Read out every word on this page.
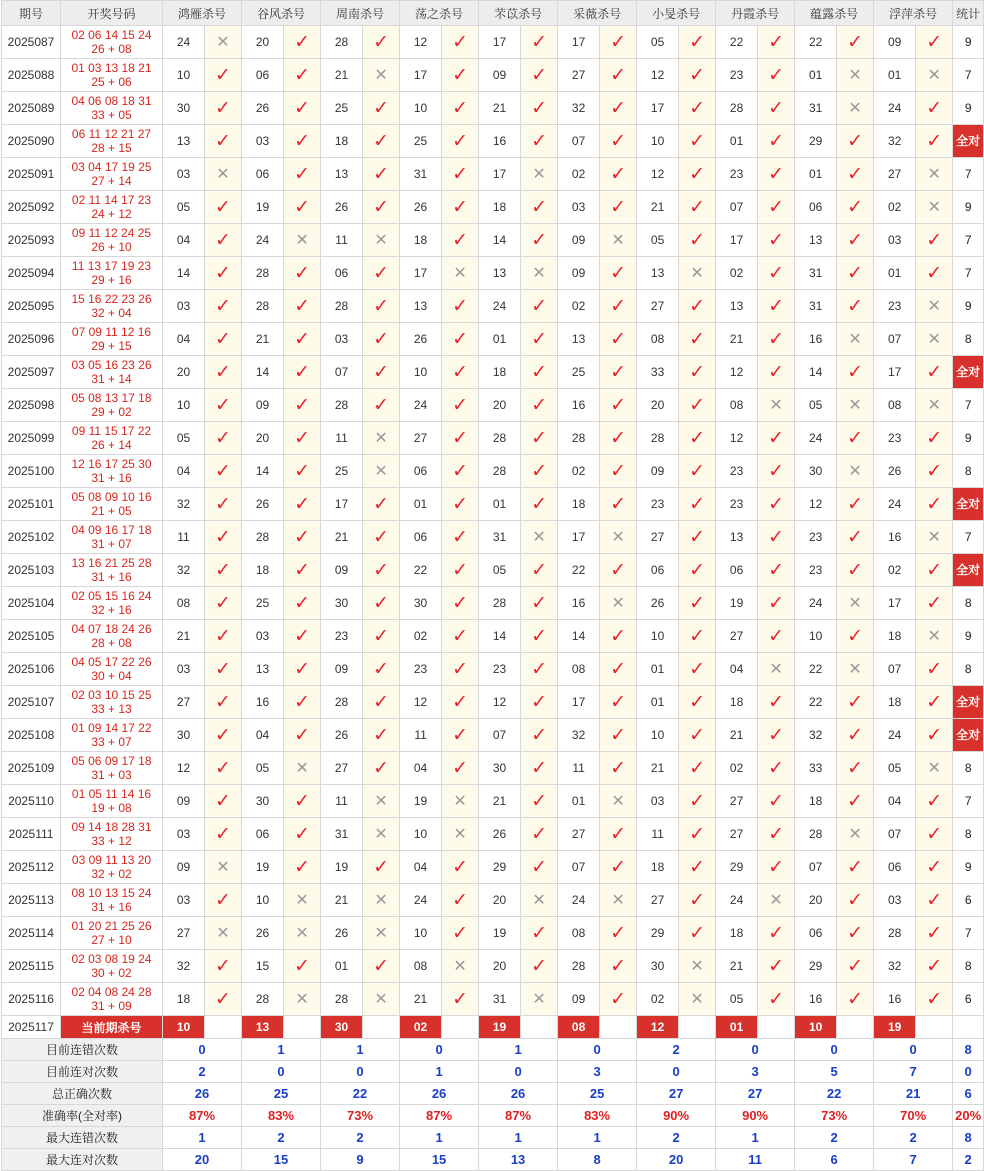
期号	开奖号码	鸿雁杀号		谷风杀号		周南杀号		荡之杀号		芣苡杀号		采薇杀号		小旻杀号		丹霞杀号		蕴露杀号		浮萍杀号		统计
2025087	02 06 14 15 24
26 + 08	24	✕	20	✓	28	✓	12	✓	17	✓	17	✓	05	✓	22	✓	22	✓	09	✓	9
2025088	01 03 13 18 21
25 + 06	10	✓	06	✓	21	✕	17	✓	09	✓	27	✓	12	✓	23	✓	01	✕	01	✕	7
2025089	04 06 08 18 31
33 + 05	30	✓	26	✓	25	✓	10	✓	21	✓	32	✓	17	✓	28	✓	31	✕	24	✓	9
2025090	06 11 12 21 27
28 + 15	13	✓	03	✓	18	✓	25	✓	16	✓	07	✓	10	✓	01	✓	29	✓	32	✓	全对
2025091	03 04 17 19 25
27 + 14	03	✕	06	✓	13	✓	31	✓	17	✕	02	✓	12	✓	23	✓	01	✓	27	✕	7
2025092	02 11 14 17 23
24 + 12	05	✓	19	✓	26	✓	26	✓	18	✓	03	✓	21	✓	07	✓	06	✓	02	✕	9
2025093	09 11 12 24 25
26 + 10	04	✓	24	✕	11	✕	18	✓	14	✓	09	✕	05	✓	17	✓	13	✓	03	✓	7
2025094	11 13 17 19 23
29 + 16	14	✓	28	✓	06	✓	17	✕	13	✕	09	✓	13	✕	02	✓	31	✓	01	✓	7
2025095	15 16 22 23 26
32 + 04	03	✓	28	✓	28	✓	13	✓	24	✓	02	✓	27	✓	13	✓	31	✓	23	✕	9
2025096	07 09 11 12 16
29 + 15	04	✓	21	✓	03	✓	26	✓	01	✓	13	✓	08	✓	21	✓	16	✕	07	✕	8
2025097	03 05 16 23 26
31 + 14	20	✓	14	✓	07	✓	10	✓	18	✓	25	✓	33	✓	12	✓	14	✓	17	✓	全对
2025098	05 08 13 17 18
29 + 02	10	✓	09	✓	28	✓	24	✓	20	✓	16	✓	20	✓	08	✕	05	✕	08	✕	7
2025099	09 11 15 17 22
26 + 14	05	✓	20	✓	11	✕	27	✓	28	✓	28	✓	28	✓	12	✓	24	✓	23	✓	9
2025100	12 16 17 25 30
31 + 16	04	✓	14	✓	25	✕	06	✓	28	✓	02	✓	09	✓	23	✓	30	✕	26	✓	8
2025101	05 08 09 10 16
21 + 05	32	✓	26	✓	17	✓	01	✓	01	✓	18	✓	23	✓	23	✓	12	✓	24	✓	全对
2025102	04 09 16 17 18
31 + 07	11	✓	28	✓	21	✓	06	✓	31	✕	17	✕	27	✓	13	✓	23	✓	16	✕	7
2025103	13 16 21 25 28
31 + 16	32	✓	18	✓	09	✓	22	✓	05	✓	22	✓	06	✓	06	✓	23	✓	02	✓	全对
2025104	02 05 15 16 24
32 + 16	08	✓	25	✓	30	✓	30	✓	28	✓	16	✕	26	✓	19	✓	24	✕	17	✓	8
2025105	04 07 18 24 26
28 + 08	21	✓	03	✓	23	✓	02	✓	14	✓	14	✓	10	✓	27	✓	10	✓	18	✕	9
2025106	04 05 17 22 26
30 + 04	03	✓	13	✓	09	✓	23	✓	23	✓	08	✓	01	✓	04	✕	22	✕	07	✓	8
2025107	02 03 10 15 25
33 + 13	27	✓	16	✓	28	✓	12	✓	12	✓	17	✓	01	✓	18	✓	22	✓	18	✓	全对
2025108	01 09 14 17 22
33 + 07	30	✓	04	✓	26	✓	11	✓	07	✓	32	✓	10	✓	21	✓	32	✓	24	✓	全对
2025109	05 06 09 17 18
31 + 03	12	✓	05	✕	27	✓	04	✓	30	✓	11	✓	21	✓	02	✓	33	✓	05	✕	8
2025110	01 05 11 14 16
19 + 08	09	✓	30	✓	11	✕	19	✕	21	✓	01	✕	03	✓	27	✓	18	✓	04	✓	7
2025111	09 14 18 28 31
33 + 12	03	✓	06	✓	31	✕	10	✕	26	✓	27	✓	11	✓	27	✓	28	✕	07	✓	8
2025112	03 09 11 13 20
32 + 02	09	✕	19	✓	19	✓	04	✓	29	✓	07	✓	18	✓	29	✓	07	✓	06	✓	9
2025113	08 10 13 15 24
31 + 16	03	✓	10	✕	21	✕	24	✓	20	✕	24	✕	27	✓	24	✕	20	✓	03	✓	6
2025114	01 20 21 25 26
27 + 10	27	✕	26	✕	26	✕	10	✓	19	✓	08	✓	29	✓	18	✓	06	✓	28	✓	7
2025115	02 03 08 19 24
30 + 02	32	✓	15	✓	01	✓	08	✕	20	✓	28	✓	30	✕	21	✓	29	✓	32	✓	8
2025116	02 04 08 24 28
31 + 09	18	✓	28	✕	28	✕	21	✓	31	✕	09	✓	02	✕	05	✓	16	✓	16	✓	6
2025117	当前期杀号	10		13		30		02		19		08		12		01		10		19		

目前连错次数		0		1		1		0		1		0		2		0		0		0		8
目前连对次数		2		0		0		1		0		3		0		3		5		7		0
总正确次数		26		25		22		26		26		25		27		27		22		21		6
准确率(全对率)		87%		83%		73%		87%		87%		83%		90%		90%		73%		70%		20%
最大连错次数		1		2		2		1		1		1		2		1		2		2		8
最大连对次数		20		15		9		15		13		8		20		11		6		7		2
